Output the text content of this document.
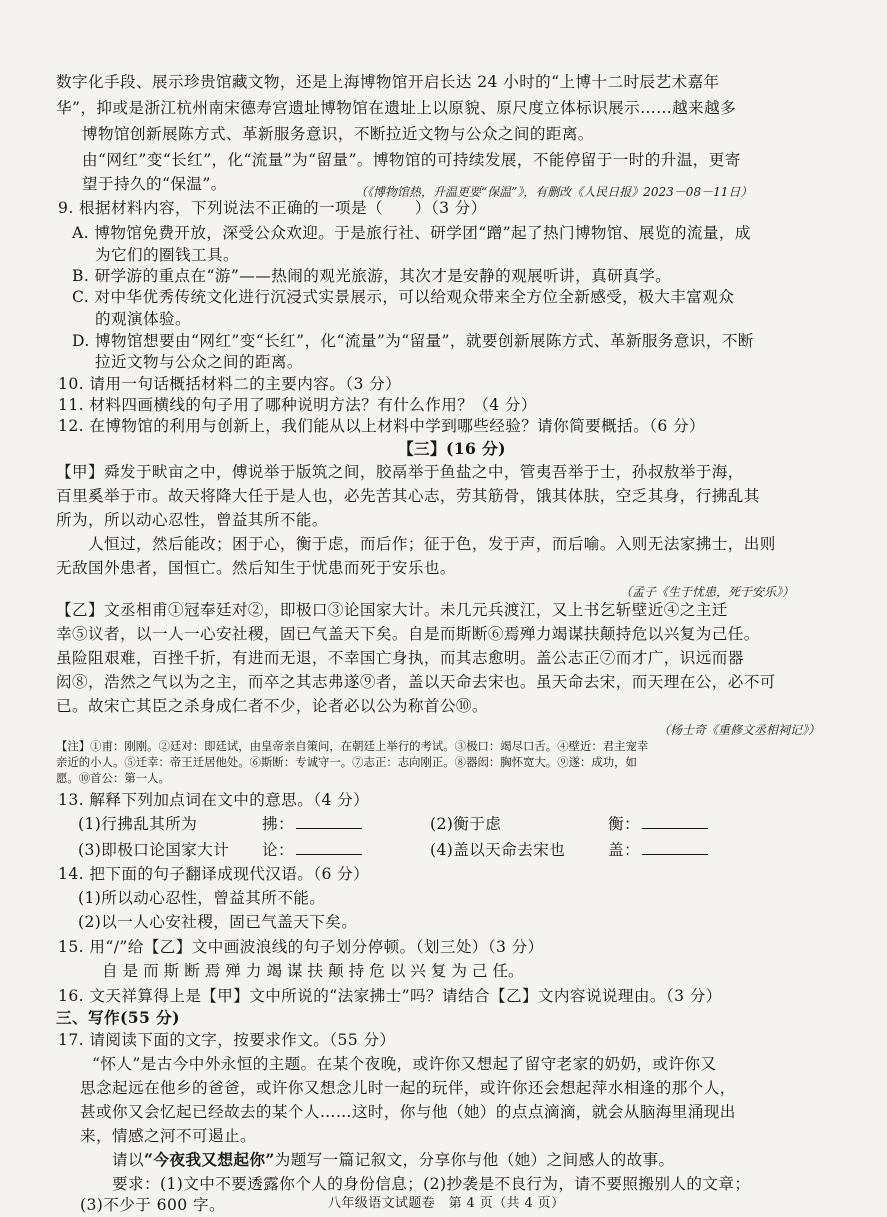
数字化手段、展示珍贵馆藏文物，还是上海博物馆开启长达 24 小时的“上博十二时辰艺术嘉年
华”，抑或是浙江杭州南宋德寿宫遗址博物馆在遗址上以原貌、原尺度立体标识展示……越来越多
博物馆创新展陈方式、革新服务意识，不断拉近文物与公众之间的距离。
由“网红”变“长红”，化“流量”为“留量”。博物馆的可持续发展，不能停留于一时的升温，更寄
望于持久的“保温”。	（《博物馆热，升温更要“保温”》，有删改《人民日报》2023－08－11日）
9. 根据材料内容，下列说法不正确的一项是（　　）（3 分）
A. 博物馆免费开放，深受公众欢迎。于是旅行社、研学团“蹭”起了热门博物馆、展览的流量，成
为它们的圈钱工具。
B. 研学游的重点在“游”——热闹的观光旅游，其次才是安静的观展听讲，真研真学。
C. 对中华优秀传统文化进行沉浸式实景展示，可以给观众带来全方位全新感受，极大丰富观众
的观演体验。
D. 博物馆想要由“网红”变“长红”，化“流量”为“留量”，就要创新展陈方式、革新服务意识，不断
拉近文物与公众之间的距离。
10. 请用一句话概括材料二的主要内容。（3 分）
11. 材料四画横线的句子用了哪种说明方法？有什么作用？（4 分）
12. 在博物馆的利用与创新上，我们能从以上材料中学到哪些经验？请你简要概括。（6 分）
【三】(16 分)
【甲】舜发于畎亩之中，傅说举于版筑之间，胶鬲举于鱼盐之中，管夷吾举于士，孙叔敖举于海，
百里奚举于市。故天将降大任于是人也，必先苦其心志，劳其筋骨，饿其体肤，空乏其身，行拂乱其
所为，所以动心忍性，曾益其所不能。
人恒过，然后能改；困于心，衡于虑，而后作；征于色，发于声，而后喻。入则无法家拂士，出则
无敌国外患者，国恒亡。然后知生于忧患而死于安乐也。
（孟子《生于忧患，死于安乐》）
【乙】文丞相甫①冠奉廷对②，即极口③论国家大计。未几元兵渡江，又上书乞斩壁近④之主迁
幸⑤议者，以一人一心安社稷，固已气盖天下矣。自是而斯断⑥焉殚力竭谋扶颠持危以兴复为己任。
虽险阻艰难，百挫千折，有进而无退，不幸国亡身执，而其志愈明。盖公志正⑦而才广，识远而器
闳⑧，浩然之气以为之主，而卒之其志弗遂⑨者，盖以天命去宋也。虽天命去宋，而天理在公，必不可
已。故宋亡其臣之杀身成仁者不少，论者必以公为称首公⑩。
（杨士奇《重修文丞相祠记》）
【注】①甫：刚刚。②廷对：即廷试，由皇帝亲自策问，在朝廷上举行的考试。③极口：竭尽口舌。④壁近：君主宠幸
亲近的小人。⑤迁幸：帝王迁居他处。⑥斯断：专诚守一。⑦志正：志向刚正。⑧器闳：胸怀宽大。⑨遂：成功，如
愿。⑩首公：第一人。
13. 解释下列加点词在文中的意思。（4 分）
(1)行拂乱其所为	拂：	(2)衡于虑	衡：
(3)即极口论国家大计 论：	(4)盖以天命去宋也	盖：
14. 把下面的句子翻译成现代汉语。（6 分）
(1)所以动心忍性，曾益其所不能。
(2)以一人心安社稷，固已气盖天下矣。
15. 用“/”给【乙】文中画波浪线的句子划分停顿。（划三处）（3 分）
自 是 而 斯 断 焉 殚 力 竭 谋 扶 颠 持 危 以 兴 复 为 己 任。
16. 文天祥算得上是【甲】文中所说的“法家拂士”吗？请结合【乙】文内容说说理由。（3 分）
三、写作(55 分)
17. 请阅读下面的文字，按要求作文。（55 分）
“怀人”是古今中外永恒的主题。在某个夜晚，或许你又想起了留守老家的奶奶，或许你又
思念起远在他乡的爸爸，或许你又想念儿时一起的玩伴，或许你还会想起萍水相逢的那个人，
甚或你又会忆起已经故去的某个人……这时，你与他（她）的点点滴滴，就会从脑海里涌现出
来，情感之河不可遏止。
请以“今夜我又想起你”为题写一篇记叙文，分享你与他（她）之间感人的故事。
要求：(1)文中不要透露你个人的身份信息；(2)抄袭是不良行为，请不要照搬别人的文章；
(3)不少于 600 字。	八年级语文试题卷　第 4 页（共 4 页）
